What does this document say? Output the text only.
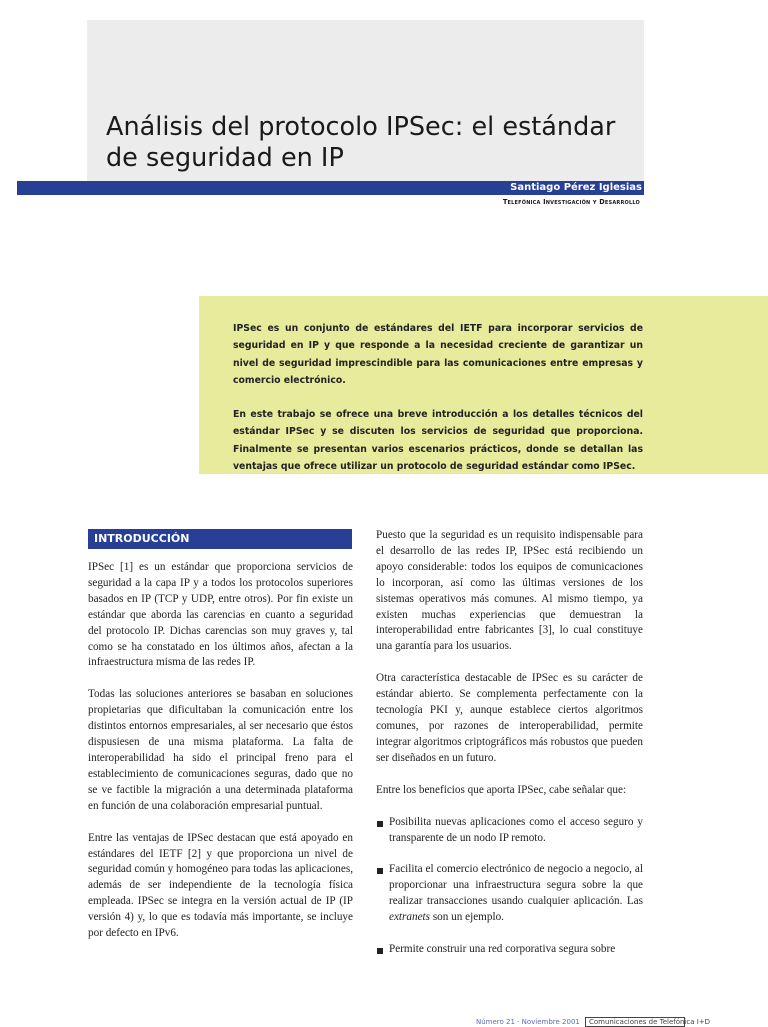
Análisis del protocolo IPSec: el estándar
de seguridad en IP
Santiago Pérez Iglesias
Telefónica Investigación y Desarrollo

IPSec es un conjunto de estándares del IETF para incorporar servicios de seguridad en IP y que responde a la necesidad creciente de garantizar un nivel de seguridad imprescindible para las comunicaciones entre empresas y comercio electrónico.

En este trabajo se ofrece una breve introducción a los detalles técnicos del estándar IPSec y se discuten los servicios de seguridad que proporciona. Finalmente se presentan varios escenarios prácticos, donde se detallan las ventajas que ofrece utilizar un protocolo de seguridad estándar como IPSec.

INTRODUCCIÓN

IPSec [1] es un estándar que proporciona servicios de seguridad a la capa IP y a todos los protocolos superiores basados en IP (TCP y UDP, entre otros). Por fin existe un estándar que aborda las carencias en cuanto a seguridad del protocolo IP. Dichas carencias son muy graves y, tal como se ha constatado en los últimos años, afectan a la infraestructura misma de las redes IP.

Todas las soluciones anteriores se basaban en soluciones propietarias que dificultaban la comunicación entre los distintos entornos empresariales, al ser necesario que éstos dispusiesen de una misma plataforma. La falta de interoperabilidad ha sido el principal freno para el establecimiento de comunicaciones seguras, dado que no se ve factible la migración a una determinada plataforma en función de una colaboración empresarial puntual.

Entre las ventajas de IPSec destacan que está apoyado en estándares del IETF [2] y que proporciona un nivel de seguridad común y homogéneo para todas las aplicaciones, además de ser independiente de la tecnología física empleada. IPSec se integra en la versión actual de IP (IP versión 4) y, lo que es todavía más importante, se incluye por defecto en IPv6.

Puesto que la seguridad es un requisito indispensable para el desarrollo de las redes IP, IPSec está recibiendo un apoyo considerable: todos los equipos de comunicaciones lo incorporan, así como las últimas versiones de los sistemas operativos más comunes. Al mismo tiempo, ya existen muchas experiencias que demuestran la interoperabilidad entre fabricantes [3], lo cual constituye una garantía para los usuarios.

Otra característica destacable de IPSec es su carácter de estándar abierto. Se complementa perfectamente con la tecnología PKI y, aunque establece ciertos algoritmos comunes, por razones de interoperabilidad, permite integrar algoritmos criptográficos más robustos que pueden ser diseñados en un futuro.

Entre los beneficios que aporta IPSec, cabe señalar que:

Posibilita nuevas aplicaciones como el acceso seguro y transparente de un nodo IP remoto.
Facilita el comercio electrónico de negocio a negocio, al proporcionar una infraestructura segura sobre la que realizar transacciones usando cualquier aplicación. Las extranets son un ejemplo.
Permite construir una red corporativa segura sobre
Número 21 · Noviembre 2001	Comunicaciones de Telefónica I+D
